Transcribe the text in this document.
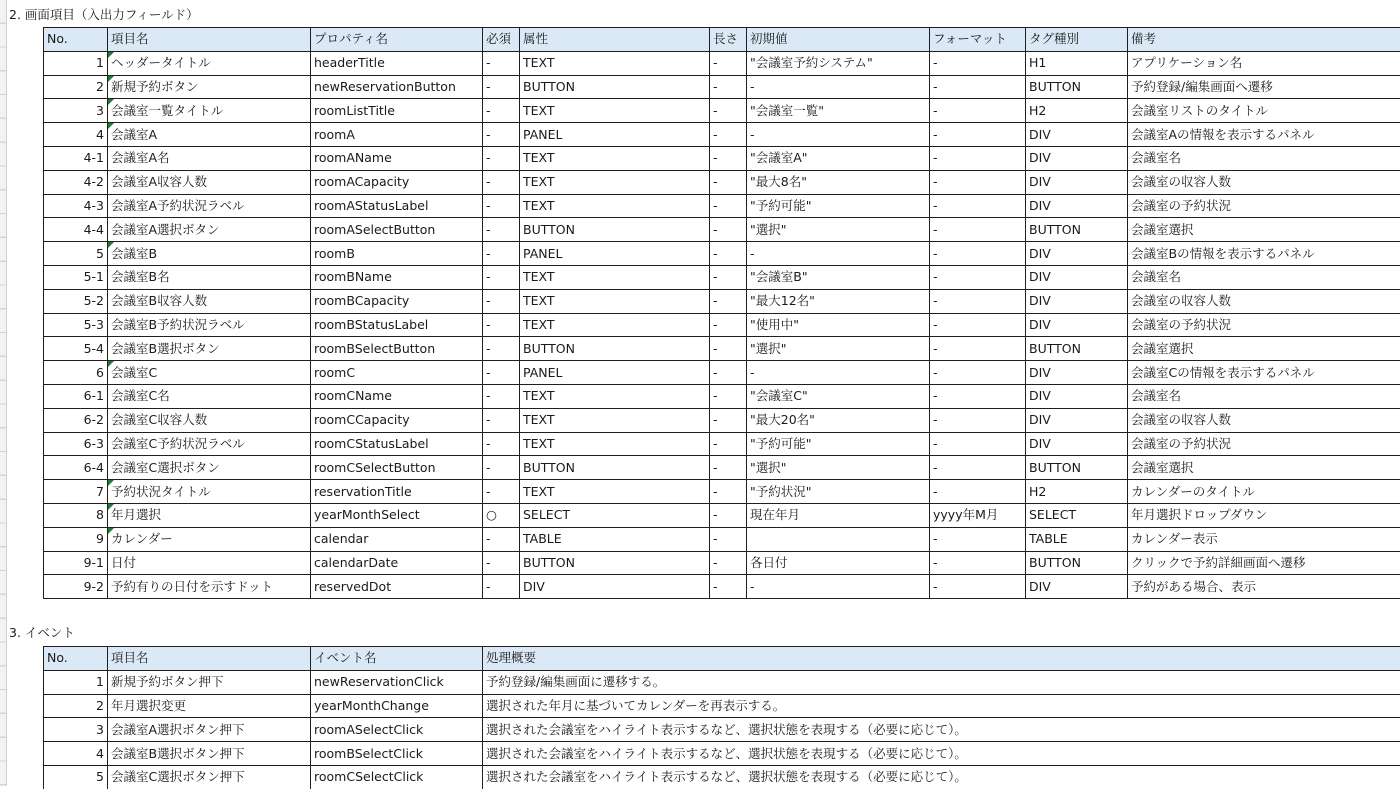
2. 画面項目（入出力フィールド）
No.	項目名	プロパティ名	必須	属性	長さ	初期値	フォーマット	タグ種別	備考
1	ヘッダータイトル	headerTitle	-	TEXT	-	"会議室予約システム"	-	H1	アプリケーション名
2	新規予約ボタン	newReservationButton	-	BUTTON	-	-	-	BUTTON	予約登録/編集画面へ遷移
3	会議室一覧タイトル	roomListTitle	-	TEXT	-	"会議室一覧"	-	H2	会議室リストのタイトル
4	会議室A	roomA	-	PANEL	-	-	-	DIV	会議室Aの情報を表示するパネル
4-1	会議室A名	roomAName	-	TEXT	-	"会議室A"	-	DIV	会議室名
4-2	会議室A収容人数	roomACapacity	-	TEXT	-	"最大8名"	-	DIV	会議室の収容人数
4-3	会議室A予約状況ラベル	roomAStatusLabel	-	TEXT	-	"予約可能"	-	DIV	会議室の予約状況
4-4	会議室A選択ボタン	roomASelectButton	-	BUTTON	-	"選択"	-	BUTTON	会議室選択
5	会議室B	roomB	-	PANEL	-	-	-	DIV	会議室Bの情報を表示するパネル
5-1	会議室B名	roomBName	-	TEXT	-	"会議室B"	-	DIV	会議室名
5-2	会議室B収容人数	roomBCapacity	-	TEXT	-	"最大12名"	-	DIV	会議室の収容人数
5-3	会議室B予約状況ラベル	roomBStatusLabel	-	TEXT	-	"使用中"	-	DIV	会議室の予約状況
5-4	会議室B選択ボタン	roomBSelectButton	-	BUTTON	-	"選択"	-	BUTTON	会議室選択
6	会議室C	roomC	-	PANEL	-	-	-	DIV	会議室Cの情報を表示するパネル
6-1	会議室C名	roomCName	-	TEXT	-	"会議室C"	-	DIV	会議室名
6-2	会議室C収容人数	roomCCapacity	-	TEXT	-	"最大20名"	-	DIV	会議室の収容人数
6-3	会議室C予約状況ラベル	roomCStatusLabel	-	TEXT	-	"予約可能"	-	DIV	会議室の予約状況
6-4	会議室C選択ボタン	roomCSelectButton	-	BUTTON	-	"選択"	-	BUTTON	会議室選択
7	予約状況タイトル	reservationTitle	-	TEXT	-	"予約状況"	-	H2	カレンダーのタイトル
8	年月選択	yearMonthSelect	○	SELECT	-	現在年月	yyyy年M月	SELECT	年月選択ドロップダウン
9	カレンダー	calendar	-	TABLE	-		-	TABLE	カレンダー表示
9-1	日付	calendarDate	-	BUTTON	-	各日付	-	BUTTON	クリックで予約詳細画面へ遷移
9-2	予約有りの日付を示すドット	reservedDot	-	DIV	-	-	-	DIV	予約がある場合、表示
3. イベント
No.	項目名	イベント名	処理概要
1	新規予約ボタン押下	newReservationClick	予約登録/編集画面に遷移する。
2	年月選択変更	yearMonthChange	選択された年月に基づいてカレンダーを再表示する。
3	会議室A選択ボタン押下	roomASelectClick	選択された会議室をハイライト表示するなど、選択状態を表現する（必要に応じて）。
4	会議室B選択ボタン押下	roomBSelectClick	選択された会議室をハイライト表示するなど、選択状態を表現する（必要に応じて）。
5	会議室C選択ボタン押下	roomCSelectClick	選択された会議室をハイライト表示するなど、選択状態を表現する（必要に応じて）。
